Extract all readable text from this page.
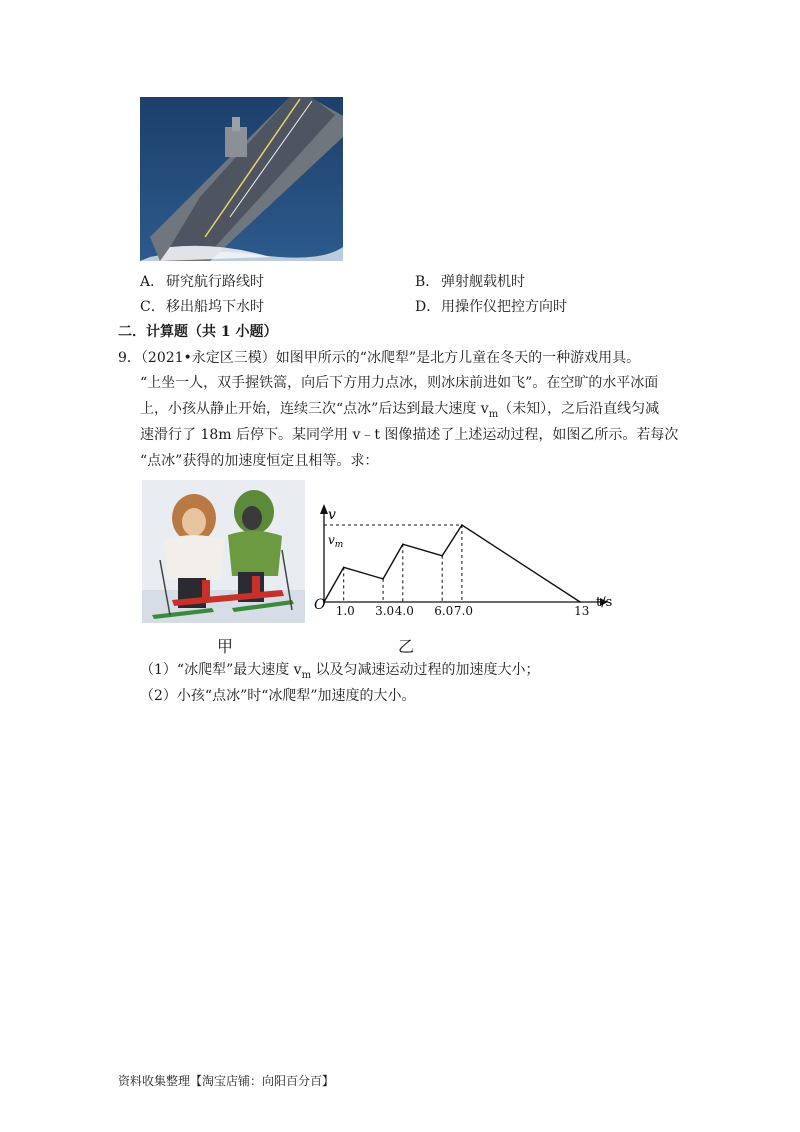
A． 研究航行路线时	B． 弹射舰载机时
C．移出船坞下水时	D．用操作仪把控方向时
二．计算题（共 1 小题）
9．（2021•永定区三模）如图甲所示的“冰爬犁”是北方儿童在冬天的一种游戏用具。
“上坐一人，双手握铁篙，向后下方用力点冰，则冰床前进如飞”。在空旷的水平冰面
上，小孩从静止开始，连续三次“点冰”后达到最大速度 $v_m$（未知），之后沿直线匀减
速滑行了 18m 后停下。某同学用 v﹣t 图像描述了上述运动过程，如图乙所示。若每次
“点冰”获得的加速度恒定且相等。求：
v
$v_m$
O	t/s
1.0 3.0 4.0 6.0 7.0	13
甲	乙
（1）“冰爬犁”最大速度 $v_m$ 以及匀减速运动过程的加速度大小；
（2）小孩“点冰”时“冰爬犁”加速度的大小。
资料收集整理【淘宝店铺：向阳百分百】
